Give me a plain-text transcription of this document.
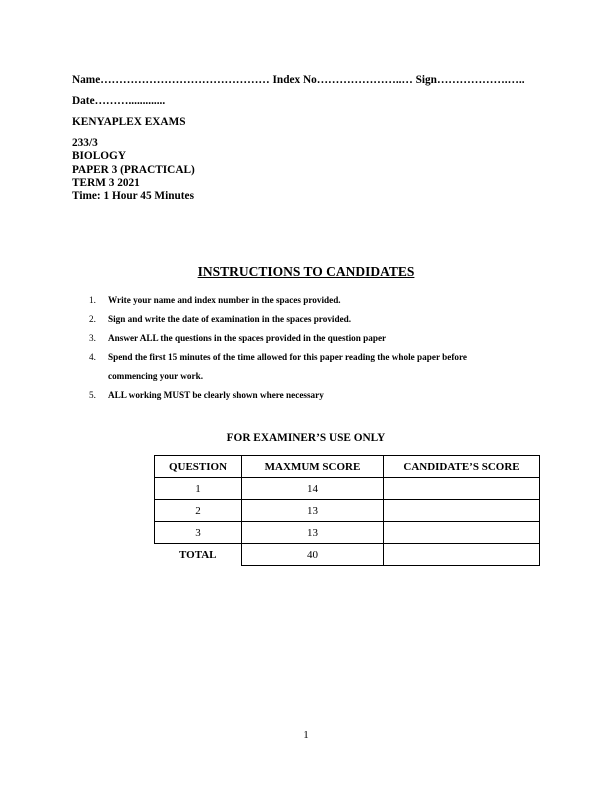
Name……………………………………… Index No…………………..… Sign……………….…..
Date……….............
KENYAPLEX EXAMS
233/3
BIOLOGY
PAPER 3 (PRACTICAL)
TERM 3 2021
Time: 1 Hour 45 Minutes
INSTRUCTIONS TO CANDIDATES
1. Write your name and index number in the spaces provided.
2. Sign and write the date of examination in the spaces provided.
3. Answer ALL the questions in the spaces provided in the question paper
4. Spend the first 15 minutes of the time allowed for this paper reading the whole paper before
commencing your work.
5. ALL working MUST be clearly shown where necessary
FOR EXAMINER’S USE ONLY
QUESTION	MAXMUM SCORE	CANDIDATE’S SCORE
1	14	
2	13	
3	13	
TOTAL	40	
1
